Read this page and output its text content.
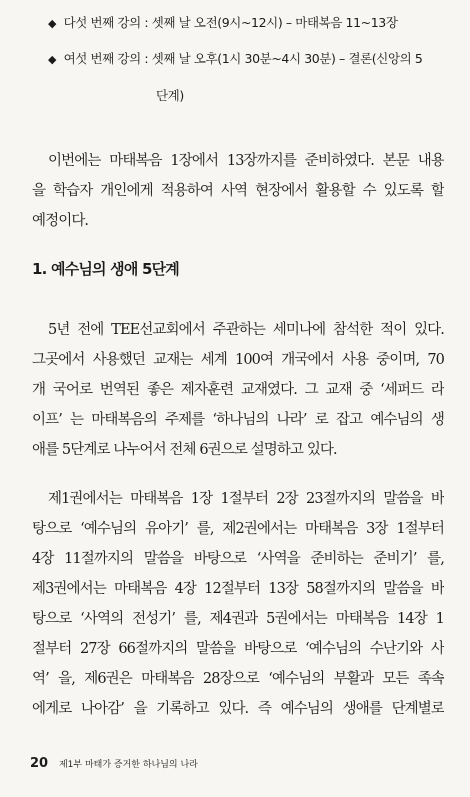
◆ 다섯 번째 강의 : 셋째 날 오전(9시~12시) – 마태복음 11~13장
◆ 여섯 번째 강의 : 셋째 날 오후(1시 30분~4시 30분) – 결론(신앙의 5
단계)
이번에는 마태복음 1장에서 13장까지를 준비하였다. 본문 내용
을 학습자 개인에게 적용하여 사역 현장에서 활용할 수 있도록 할
예정이다.
1. 예수님의 생애 5단계
5년 전에 TEE선교회에서 주관하는 세미나에 참석한 적이 있다.
그곳에서 사용했던 교재는 세계 100여 개국에서 사용 중이며, 70
개 국어로 번역된 좋은 제자훈련 교재였다. 그 교재 중 ‘세퍼드 라
이프’ 는 마태복음의 주제를 ‘하나님의 나라’ 로 잡고 예수님의 생
애를 5단계로 나누어서 전체 6권으로 설명하고 있다.
제1권에서는 마태복음 1장 1절부터 2장 23절까지의 말씀을 바
탕으로 ‘예수님의 유아기’ 를, 제2권에서는 마태복음 3장 1절부터
4장 11절까지의 말씀을 바탕으로 ‘사역을 준비하는 준비기’ 를,
제3권에서는 마태복음 4장 12절부터 13장 58절까지의 말씀을 바
탕으로 ‘사역의 전성기’ 를, 제4권과 5권에서는 마태복음 14장 1
절부터 27장 66절까지의 말씀을 바탕으로 ‘예수님의 수난기와 사
역’ 을, 제6권은 마태복음 28장으로 ‘예수님의 부활과 모든 족속
에게로 나아감’ 을 기록하고 있다. 즉 예수님의 생애를 단계별로
20 제1부 마태가 증거한 하나님의 나라
